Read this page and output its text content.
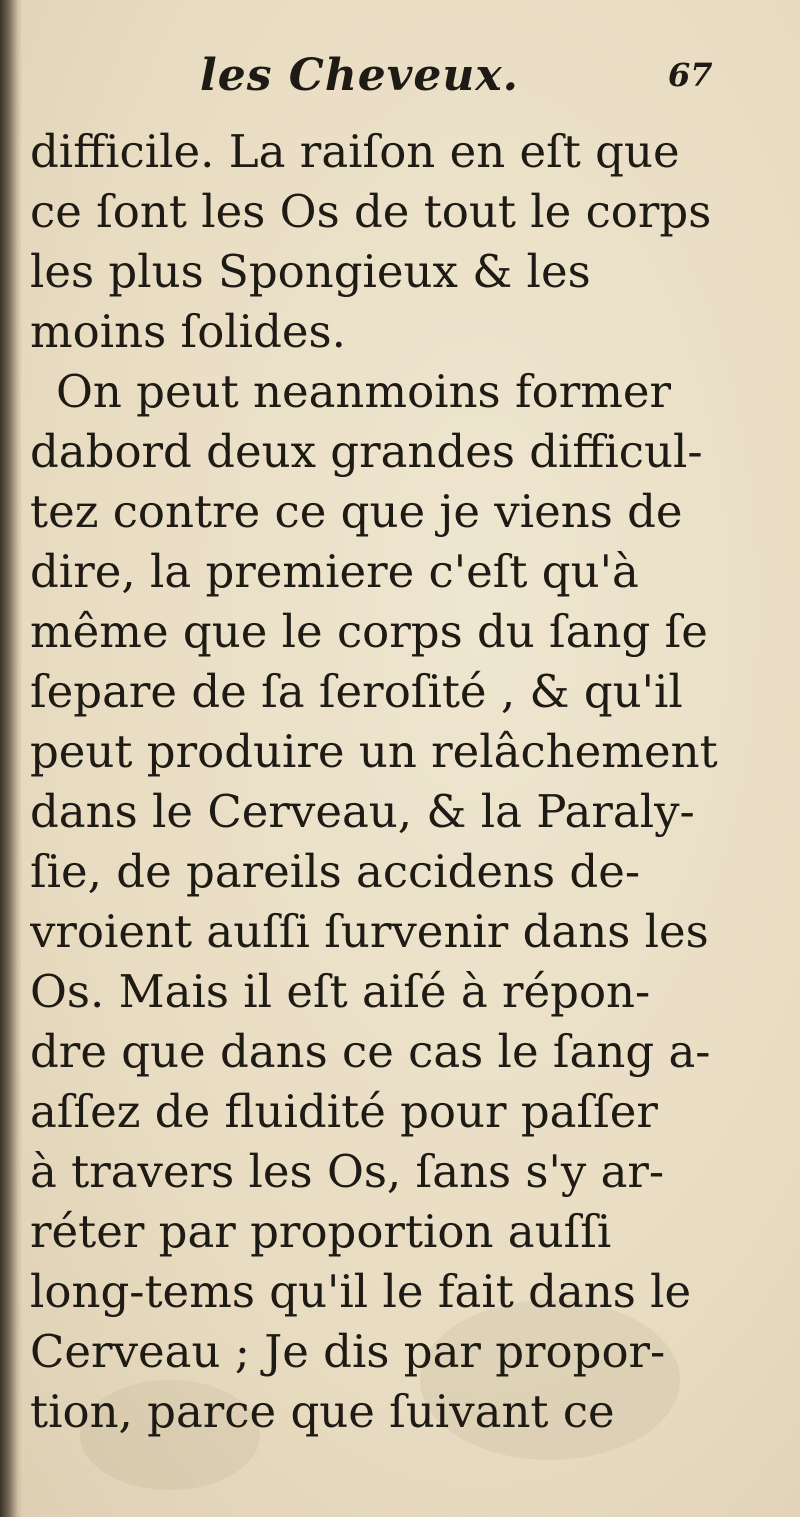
les Cheveux.	67
difficile. La raiſon en eſt que
ce ſont les Os de tout le corps
les plus Spongieux & les
moins ſolides.
On peut neanmoins former
dabord deux grandes difficul-
tez contre ce que je viens de
dire, la premiere c'eſt qu'à
même que le corps du ſang ſe
ſepare de ſa ſeroſité , & qu'il
peut produire un relâchement
dans le Cerveau, & la Paraly-
ſie, de pareils accidens de-
vroient auſſi ſurvenir dans les
Os. Mais il eſt aiſé à répon-
dre que dans ce cas le ſang a-
aſſez de fluidité pour paſſer
à travers les Os, ſans s'y ar-
réter par proportion auſſi
long-tems qu'il le fait dans le
Cerveau ; Je dis par propor-
tion, parce que ſuivant ce
